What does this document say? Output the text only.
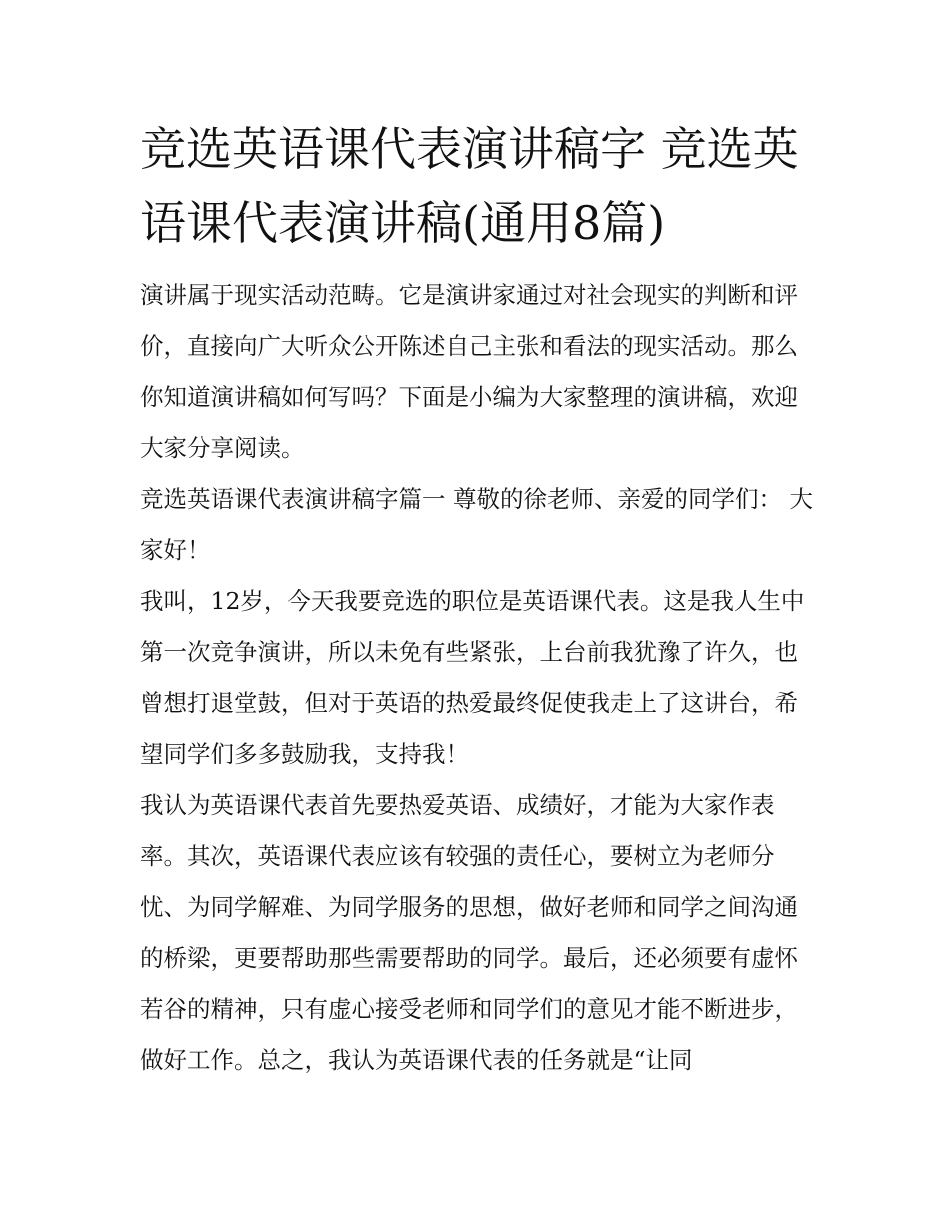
竞选英语课代表演讲稿字 竞选英语课代表演讲稿(通用8篇)

演讲属于现实活动范畴。它是演讲家通过对社会现实的判断和评价，直接向广大听众公开陈述自己主张和看法的现实活动。那么你知道演讲稿如何写吗？下面是小编为大家整理的演讲稿，欢迎大家分享阅读。

竞选英语课代表演讲稿字篇一 尊敬的徐老师、亲爱的同学们： 大家好！

我叫，12岁，今天我要竞选的职位是英语课代表。这是我人生中第一次竞争演讲，所以未免有些紧张，上台前我犹豫了许久，也曾想打退堂鼓，但对于英语的热爱最终促使我走上了这讲台，希望同学们多多鼓励我，支持我！

我认为英语课代表首先要热爱英语、成绩好，才能为大家作表率。其次，英语课代表应该有较强的责任心，要树立为老师分忧、为同学解难、为同学服务的思想，做好老师和同学之间沟通的桥梁，更要帮助那些需要帮助的同学。最后，还必须要有虚怀若谷的精神，只有虚心接受老师和同学们的意见才能不断进步，做好工作。总之，我认为英语课代表的任务就是“让同
